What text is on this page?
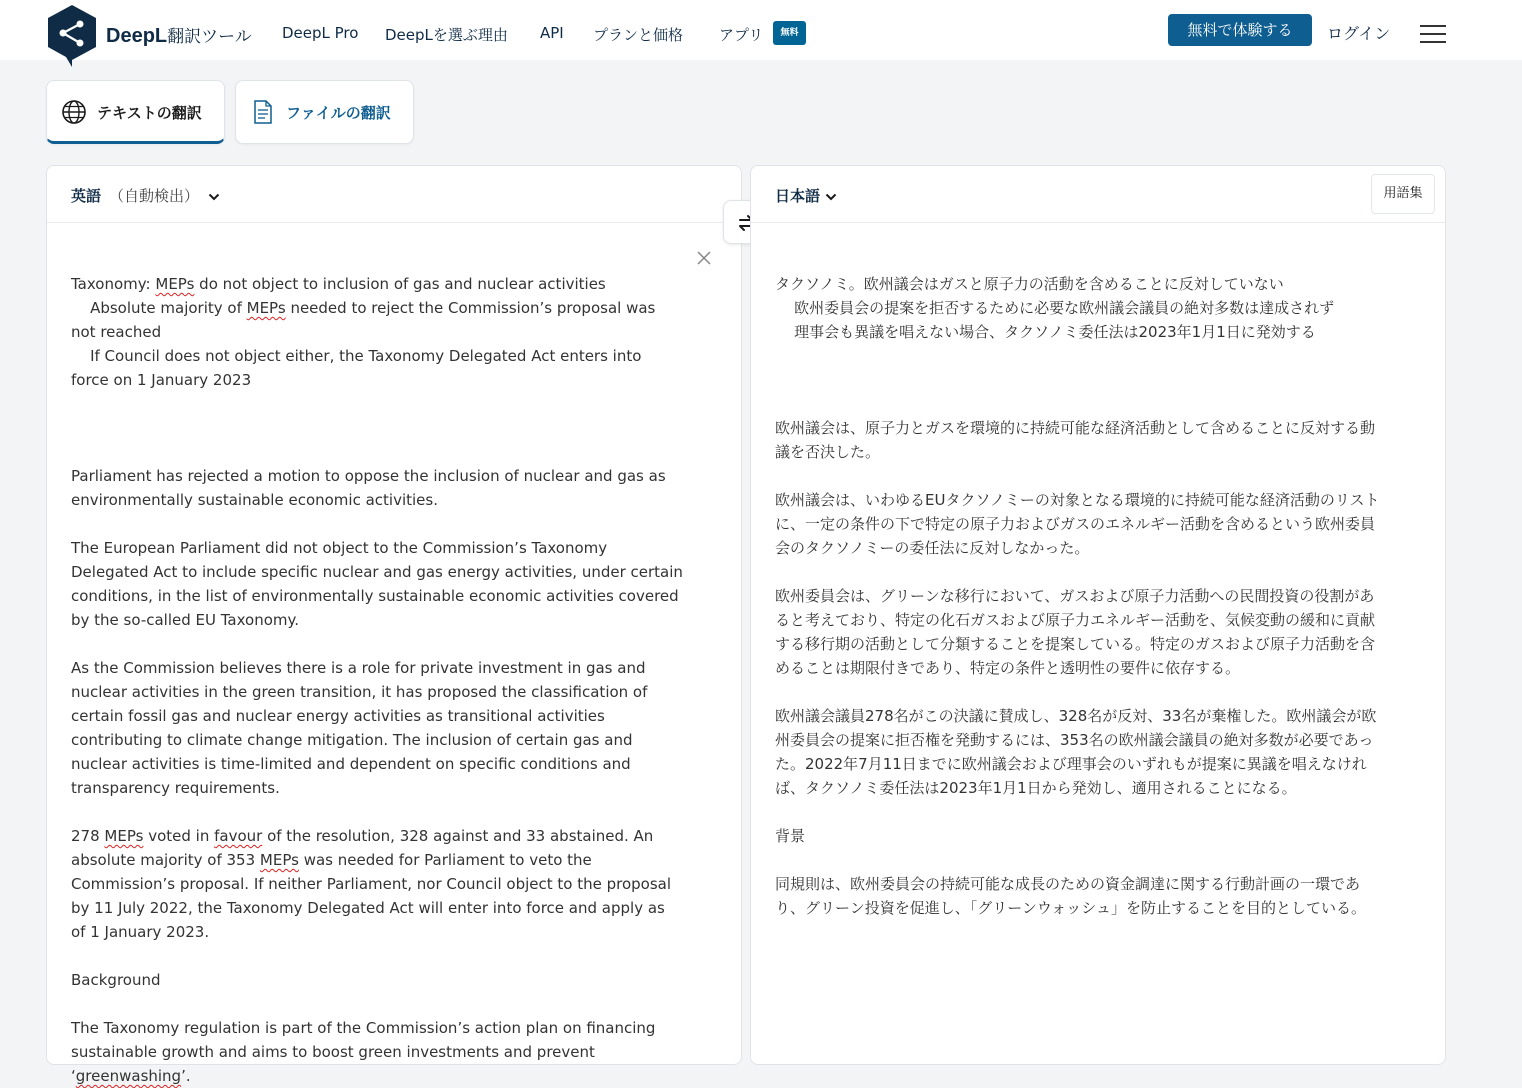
DeepL翻訳ツール DeepL Pro DeepLを選ぶ理由 API プランと価格 アプリ	無料	無料で体験する	ログイン
テキストの翻訳	ファイルの翻訳
英語 （自動検出）

Taxonomy: MEPs do not object to inclusion of gas and nuclear activities
Absolute majority of MEPs needed to reject the Commission’s proposal was not reached
If Council does not object either, the Taxonomy Delegated Act enters into force on 1 January 2023

Parliament has rejected a motion to oppose the inclusion of nuclear and gas as environmentally sustainable economic activities.

The European Parliament did not object to the Commission’s Taxonomy Delegated Act to include specific nuclear and gas energy activities, under certain conditions, in the list of environmentally sustainable economic activities covered by the so-called EU Taxonomy.

As the Commission believes there is a role for private investment in gas and nuclear activities in the green transition, it has proposed the classification of certain fossil gas and nuclear energy activities as transitional activities contributing to climate change mitigation. The inclusion of certain gas and nuclear activities is time-limited and dependent on specific conditions and transparency requirements.

278 MEPs voted in favour of the resolution, 328 against and 33 abstained. An absolute majority of 353 MEPs was needed for Parliament to veto the Commission’s proposal. If neither Parliament, nor Council object to the proposal by 11 July 2022, the Taxonomy Delegated Act will enter into force and apply as of 1 January 2023.

Background

The Taxonomy regulation is part of the Commission’s action plan on financing sustainable growth and aims to boost green investments and prevent ‘greenwashing’.

日本語	用語集

タクソノミ。欧州議会はガスと原子力の活動を含めることに反対していない
欧州委員会の提案を拒否するために必要な欧州議会議員の絶対多数は達成されず
理事会も異議を唱えない場合、タクソノミ委任法は2023年1月1日に発効する

欧州議会は、原子力とガスを環境的に持続可能な経済活動として含めることに反対する動議を否決した。

欧州議会は、いわゆるEUタクソノミーの対象となる環境的に持続可能な経済活動のリストに、一定の条件の下で特定の原子力およびガスのエネルギー活動を含めるという欧州委員会のタクソノミーの委任法に反対しなかった。

欧州委員会は、グリーンな移行において、ガスおよび原子力活動への民間投資の役割があると考えており、特定の化石ガスおよび原子力エネルギー活動を、気候変動の緩和に貢献する移行期の活動として分類することを提案している。特定のガスおよび原子力活動を含めることは期限付きであり、特定の条件と透明性の要件に依存する。

欧州議会議員278名がこの決議に賛成し、328名が反対、33名が棄権した。欧州議会が欧州委員会の提案に拒否権を発動するには、353名の欧州議会議員の絶対多数が必要であった。2022年7月11日までに欧州議会および理事会のいずれもが提案に異議を唱えなければ、タクソノミ委任法は2023年1月1日から発効し、適用されることになる。

背景

同規則は、欧州委員会の持続可能な成長のための資金調達に関する行動計画の一環であり、グリーン投資を促進し、「グリーンウォッシュ」を防止することを目的としている。
